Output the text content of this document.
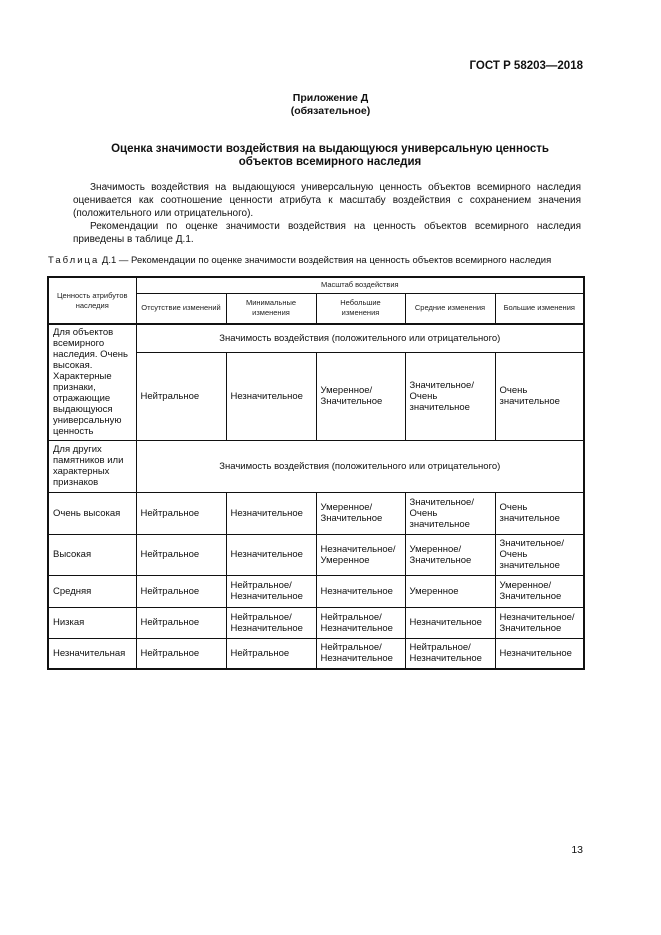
ГОСТ Р 58203—2018
Приложение Д
(обязательное)
Оценка значимости воздействия на выдающуюся универсальную ценность
объектов всемирного наследия
Значимость воздействия на выдающуюся универсальную ценность объектов всемирного наследия оценивается как соотношение ценности атрибута к масштабу воздействия с сохранением значения (положительного или отрицательного).
Рекомендации по оценке значимости воздействия на ценность объектов всемирного наследия приведены в таблице Д.1.
Таблица Д.1 — Рекомендации по оценке значимости воздействия на ценность объектов всемирного наследия
Ценность атрибутов наследия	Масштаб воздействия				
	Отсутствие изменений	Минимальные изменения	Небольшие изменения	Средние изменения	Большие изменения
Для объектов всемирного наследия. Очень высокая. Характерные признаки, отражающие выдающуюся универсальную ценность	Значимость воздействия (положительного или отрицательного)				
	Нейтральное	Незначительное	Умеренное/ Значительное	Значительное/ Очень значительное	Очень значительное
Для других памятников или характерных признаков	Значимость воздействия (положительного или отрицательного)				
Очень высокая	Нейтральное	Незначительное	Умеренное/ Значительное	Значительное/ Очень значительное	Очень значительное
Высокая	Нейтральное	Незначительное	Незначительное/ Умеренное	Умеренное/ Значительное	Значительное/ Очень значительное
Средняя	Нейтральное	Нейтральное/ Незначительное	Незначительное	Умеренное	Умеренное/ Значительное
Низкая	Нейтральное	Нейтральное/ Незначительное	Нейтральное/ Незначительное	Незначительное	Незначительное/ Значительное
Незначительная	Нейтральное	Нейтральное	Нейтральное/ Незначительное	Нейтральное/ Незначительное	Незначительное
13
